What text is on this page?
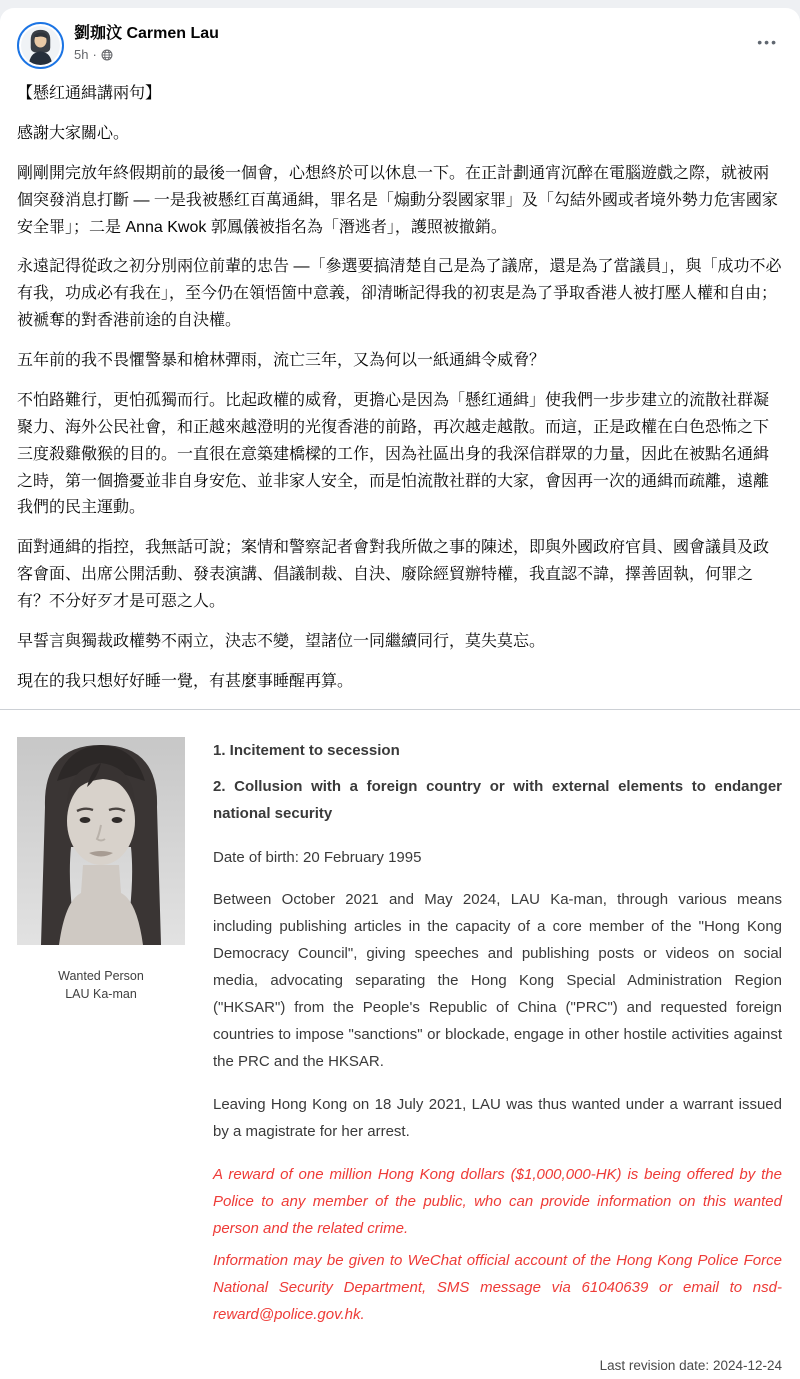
劉珈汶 Carmen Lau
5h ·
•••

【懸红通緝講兩句】

感謝大家關心。

剛剛開完放年終假期前的最後一個會，心想終於可以休息一下。在正計劃通宵沉醉在電腦遊戲之際，就被兩個突發消息打斷 — 一是我被懸红百萬通緝，罪名是「煽動分裂國家罪」及「勾結外國或者境外勢力危害國家安全罪」；二是 Anna Kwok 郭鳳儀被指名為「潛逃者」，護照被撤銷。

永遠記得從政之初分別兩位前輩的忠告 —「參選要搞清楚自己是為了議席，還是為了當議員」，與「成功不必有我，功成必有我在」，至今仍在領悟箇中意義，卻清晰記得我的初衷是為了爭取香港人被打壓人權和自由；被褫奪的對香港前途的自決權。

五年前的我不畏懼警暴和槍林彈雨，流亡三年，又為何以一紙通緝令威脅？

不怕路難行，更怕孤獨而行。比起政權的威脅，更擔心是因為「懸红通緝」使我們一步步建立的流散社群凝聚力、海外公民社會，和正越來越澄明的光復香港的前路，再次越走越散。而這，正是政權在白色恐怖之下三度殺雞儆猴的目的。一直很在意築建橋樑的工作，因為社區出身的我深信群眾的力量，因此在被點名通緝之時，第一個擔憂並非自身安危、並非家人安全，而是怕流散社群的大家，會因再一次的通緝而疏離，遠離我們的民主運動。

面對通緝的指控，我無話可說；案情和警察記者會對我所做之事的陳述，即與外國政府官員、國會議員及政客會面、出席公開活動、發表演講、倡議制裁、自決、廢除經貿辦特權，我直認不諱，擇善固執，何罪之有？不分好歹才是可惡之人。

早誓言與獨裁政權勢不兩立，決志不變，望諸位一同繼續同行，莫失莫忘。

現在的我只想好好睡一覺，有甚麼事睡醒再算。

Wanted Person
LAU Ka-man
1. Incitement to secession
2. Collusion with a foreign country or with external elements to endanger national security
Date of birth: 20 February 1995
Between October 2021 and May 2024, LAU Ka-man, through various means including publishing articles in the capacity of a core member of the "Hong Kong Democracy Council", giving speeches and publishing posts or videos on social media, advocating separating the Hong Kong Special Administration Region ("HKSAR") from the People's Republic of China ("PRC") and requested foreign countries to impose "sanctions" or blockade, engage in other hostile activities against the PRC and the HKSAR.
Leaving Hong Kong on 18 July 2021, LAU was thus wanted under a warrant issued by a magistrate for her arrest.
A reward of one million Hong Kong dollars ($1,000,000-HK) is being offered by the Police to any member of the public, who can provide information on this wanted person and the related crime.
Information may be given to WeChat official account of the Hong Kong Police Force National Security Department, SMS message via 61040639 or email to nsd-reward@police.gov.hk.
Last revision date: 2024-12-24
